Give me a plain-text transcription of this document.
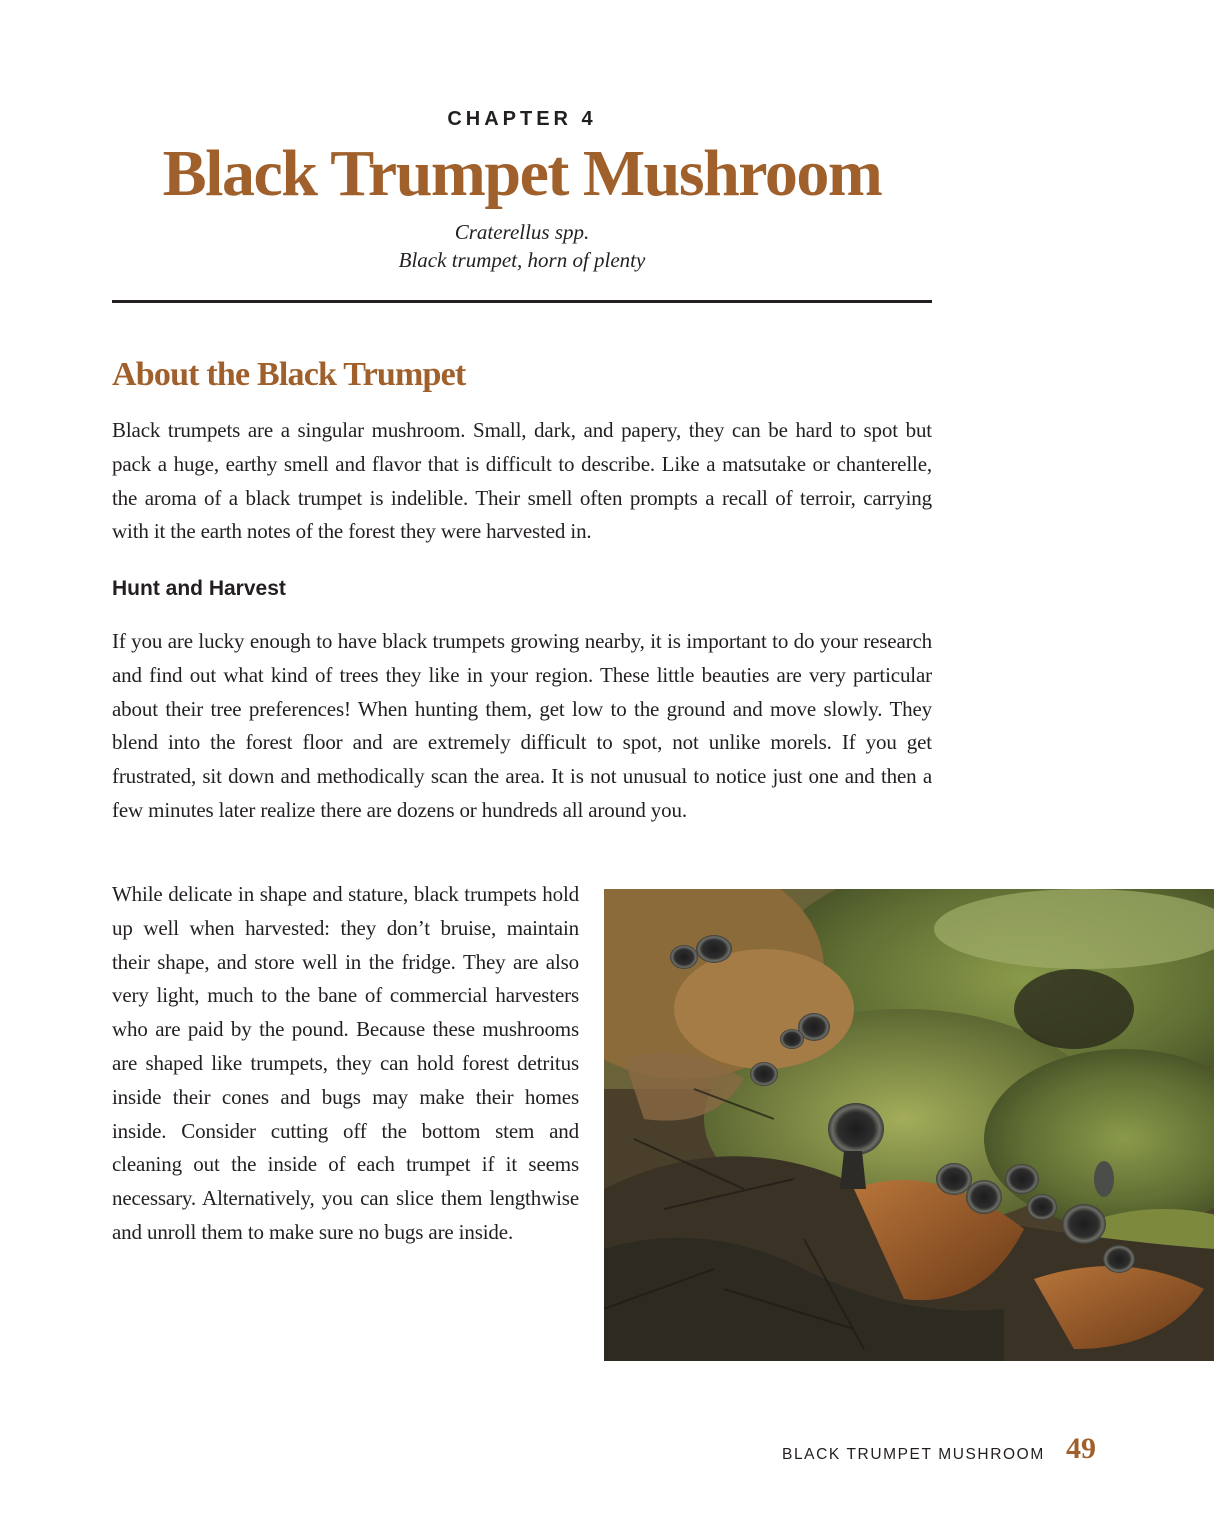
CHAPTER 4
Black Trumpet Mushroom
Craterellus spp.
Black trumpet, horn of plenty
About the Black Trumpet

Black trumpets are a singular mushroom. Small, dark, and papery, they can be hard to spot but pack a huge, earthy smell and flavor that is difficult to describe. Like a matsutake or chanterelle, the aroma of a black trumpet is indelible. Their smell often prompts a recall of terroir, carrying with it the earth notes of the forest they were harvested in.

Hunt and Harvest

If you are lucky enough to have black trumpets growing nearby, it is important to do your research and find out what kind of trees they like in your region. These little beauties are very particular about their tree preferences! When hunting them, get low to the ground and move slowly. They blend into the forest floor and are extremely difficult to spot, not unlike morels. If you get frustrated, sit down and methodically scan the area. It is not unusual to notice just one and then a few minutes later realize there are dozens or hundreds all around you.

While delicate in shape and stature, black trumpets hold up well when harvested: they don’t bruise, maintain their shape, and store well in the fridge. They are also very light, much to the bane of commercial harvesters who are paid by the pound. Because these mushrooms are shaped like trumpets, they can hold forest detritus inside their cones and bugs may make their homes inside. Consider cutting off the bottom stem and cleaning out the inside of each trumpet if it seems necessary. Alternatively, you can slice them lengthwise and unroll them to make sure no bugs are inside.

BLACK TRUMPET MUSHROOM 49
